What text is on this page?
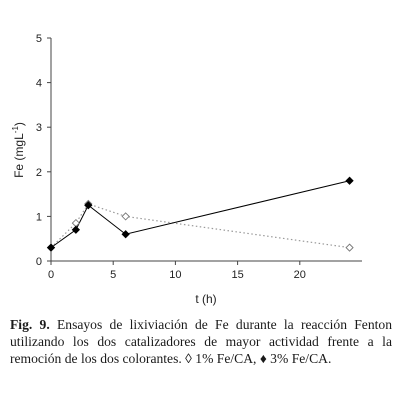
0
1
2
3
4
5
0	5	10	15	20
Fe (mgL$^{-1}$)
t (h)
Fig. 9. Ensayos de lixiviación de Fe durante la reacción Fenton utilizando los dos catalizadores de mayor actividad frente a la remoción de los dos colorantes. ◊ 1% Fe/CA, ♦ 3% Fe/CA.
